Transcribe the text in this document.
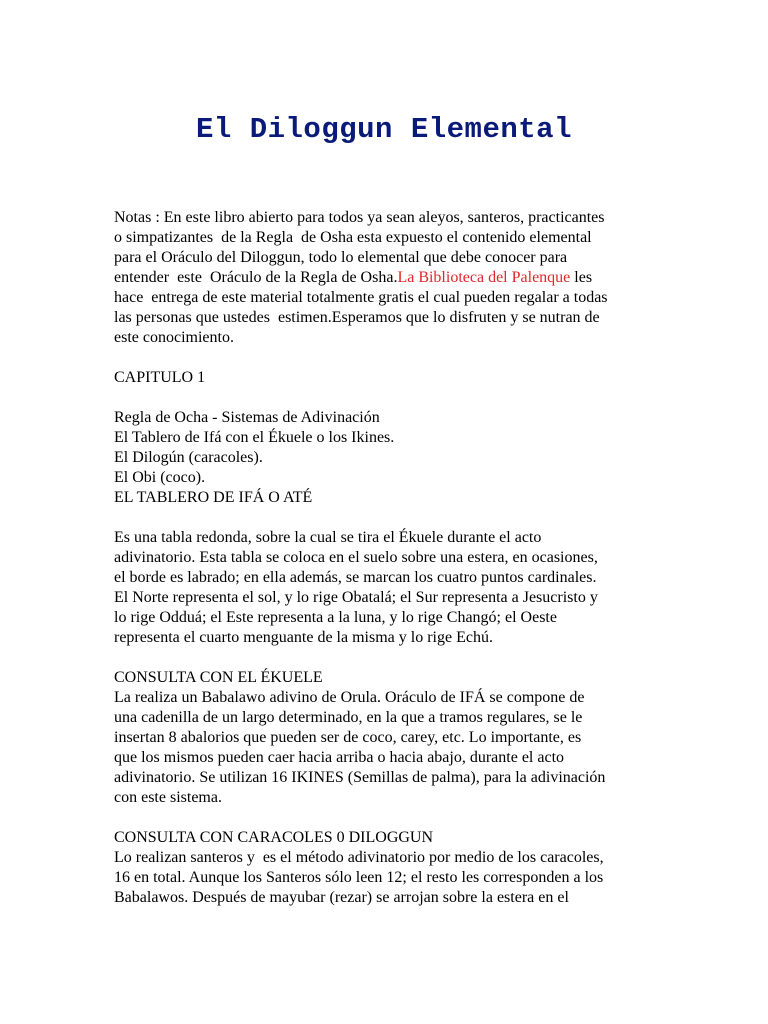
El Diloggun Elemental
Notas : En este libro abierto para todos ya sean aleyos, santeros, practicantes
o simpatizantes  de la Regla  de Osha esta expuesto el contenido elemental
para el Oráculo del Diloggun, todo lo elemental que debe conocer para
entender  este  Oráculo de la Regla de Osha.La Biblioteca del Palenque les
hace  entrega de este material totalmente gratis el cual pueden regalar a todas
las personas que ustedes  estimen.Esperamos que lo disfruten y se nutran de
este conocimiento.
CAPITULO 1
Regla de Ocha - Sistemas de Adivinación
El Tablero de Ifá con el Ékuele o los Ikines.
El Dilogún (caracoles).
El Obi (coco).
EL TABLERO DE IFÁ O ATÉ
Es una tabla redonda, sobre la cual se tira el Ékuele durante el acto
adivinatorio. Esta tabla se coloca en el suelo sobre una estera, en ocasiones,
el borde es labrado; en ella además, se marcan los cuatro puntos cardinales.
El Norte representa el sol, y lo rige Obatalá; el Sur representa a Jesucristo y
lo rige Odduá; el Este representa a la luna, y lo rige Changó; el Oeste
representa el cuarto menguante de la misma y lo rige Echú.
CONSULTA CON EL ÉKUELE
La realiza un Babalawo adivino de Orula. Oráculo de IFÁ se compone de
una cadenilla de un largo determinado, en la que a tramos regulares, se le
insertan 8 abalorios que pueden ser de coco, carey, etc. Lo importante, es
que los mismos pueden caer hacia arriba o hacia abajo, durante el acto
adivinatorio. Se utilizan 16 IKINES (Semillas de palma), para la adivinación
con este sistema.
CONSULTA CON CARACOLES 0 DILOGGUN
Lo realizan santeros y  es el método adivinatorio por medio de los caracoles,
16 en total. Aunque los Santeros sólo leen 12; el resto les corresponden a los
Babalawos. Después de mayubar (rezar) se arrojan sobre la estera en el
